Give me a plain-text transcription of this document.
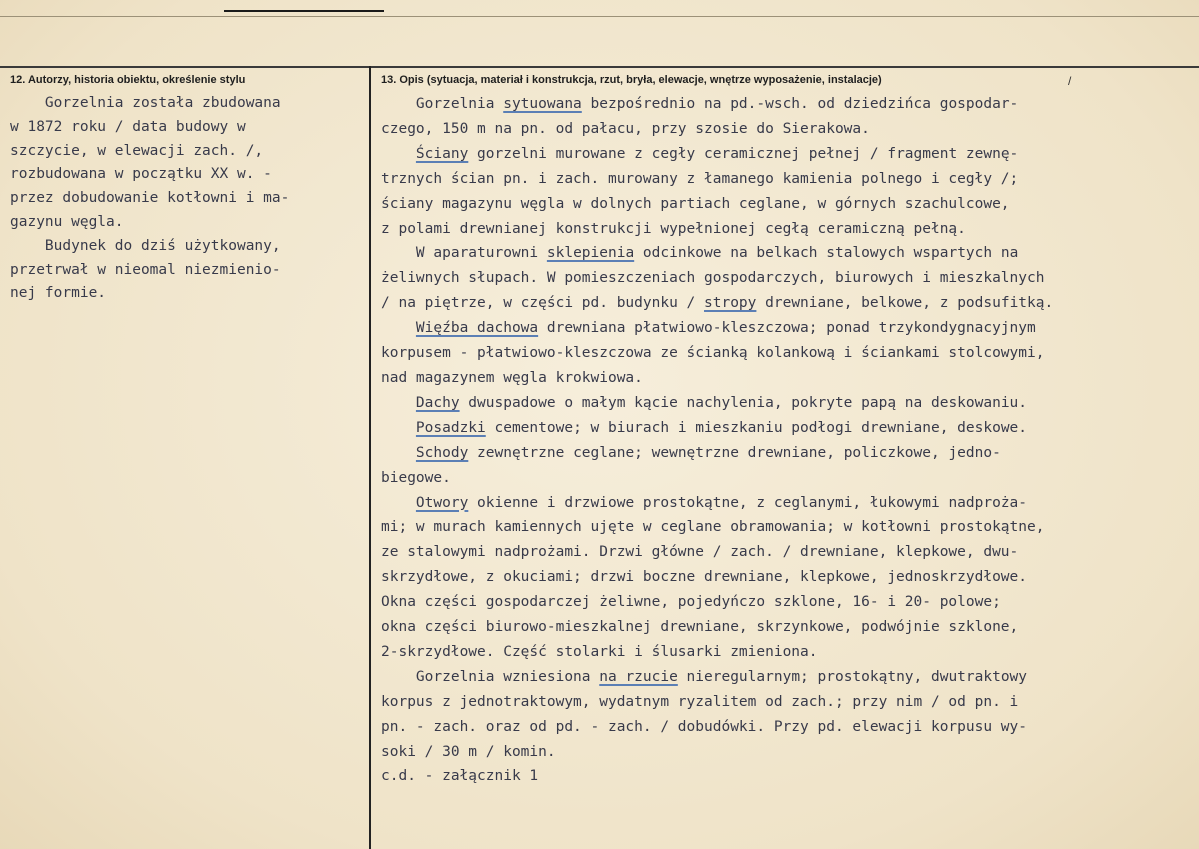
12. Autorzy, historia obiektu, określenie stylu	13. Opis (sytuacja, materiał i konstrukcja, rzut, bryła, elewacje, wnętrze wyposażenie, instalacje)	/
Gorzelnia została zbudowana
w 1872 roku / data budowy w
szczycie, w elewacji zach. /,
rozbudowana w początku XX w. -
przez dobudowanie kotłowni i ma-
gazynu węgla.
Budynek do dziś użytkowany,
przetrwał w nieomal niezmienio-
nej formie.
Gorzelnia sytuowana bezpośrednio na pd.-wsch. od dziedzińca gospodar-
czego, 150 m na pn. od pałacu, przy szosie do Sierakowa.
Ściany gorzelni murowane z cegły ceramicznej pełnej / fragment zewnę-
trznych ścian pn. i zach. murowany z łamanego kamienia polnego i cegły /;
ściany magazynu węgla w dolnych partiach ceglane, w górnych szachulcowe,
z polami drewnianej konstrukcji wypełnionej cegłą ceramiczną pełną.
W aparaturowni sklepienia odcinkowe na belkach stalowych wspartych na
żeliwnych słupach. W pomieszczeniach gospodarczych, biurowych i mieszkalnych
/ na piętrze, w części pd. budynku / stropy drewniane, belkowe, z podsufitką.
Więźba dachowa drewniana płatwiowo-kleszczowa; ponad trzykondygnacyjnym
korpusem - płatwiowo-kleszczowa ze ścianką kolankową i ściankami stolcowymi,
nad magazynem węgla krokwiowa.
Dachy dwuspadowe o małym kącie nachylenia, pokryte papą na deskowaniu.
Posadzki cementowe; w biurach i mieszkaniu podłogi drewniane, deskowe.
Schody zewnętrzne ceglane; wewnętrzne drewniane, policzkowe, jedno-
biegowe.
Otwory okienne i drzwiowe prostokątne, z ceglanymi, łukowymi nadproża-
mi; w murach kamiennych ujęte w ceglane obramowania; w kotłowni prostokątne,
ze stalowymi nadprożami. Drzwi główne / zach. / drewniane, klepkowe, dwu-
skrzydłowe, z okuciami; drzwi boczne drewniane, klepkowe, jednoskrzydłowe.
Okna części gospodarczej żeliwne, pojedyńczo szklone, 16- i 20- polowe;
okna części biurowo-mieszkalnej drewniane, skrzynkowe, podwójnie szklone,
2-skrzydłowe. Część stolarki i ślusarki zmieniona.
Gorzelnia wzniesiona na rzucie nieregularnym; prostokątny, dwutraktowy
korpus z jednotraktowym, wydatnym ryzalitem od zach.; przy nim / od pn. i
pn. - zach. oraz od pd. - zach. / dobudówki. Przy pd. elewacji korpusu wy-
soki / 30 m / komin.
c.d. - załącznik 1
